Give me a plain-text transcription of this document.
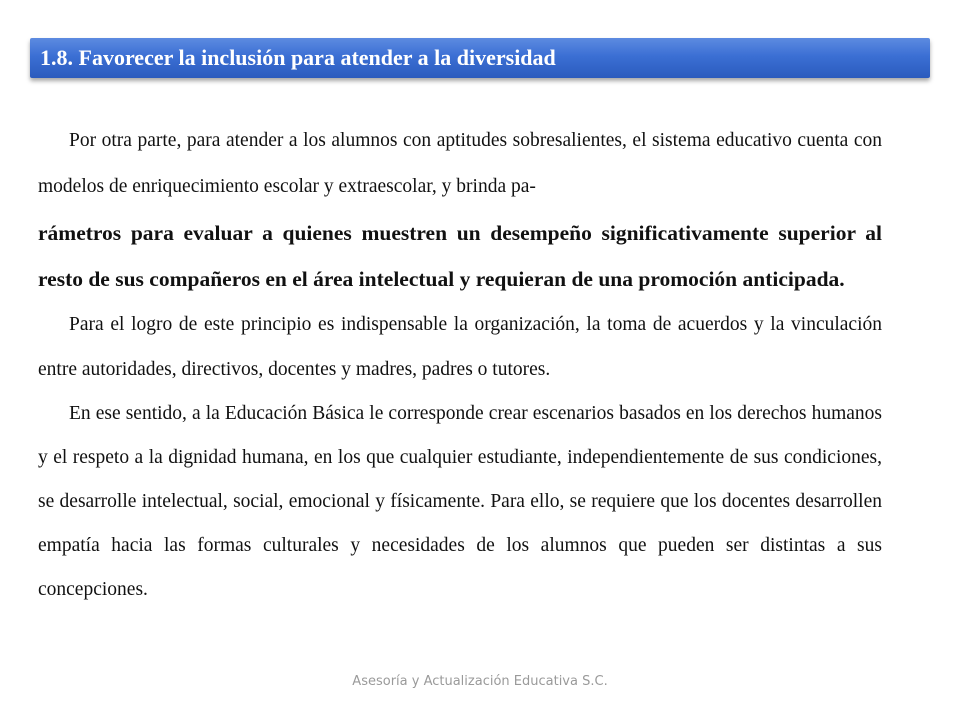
1.8. Favorecer la inclusión para atender a la diversidad

Por otra parte, para atender a los alumnos con aptitudes sobresalientes, el sistema educativo cuenta con modelos de enriquecimiento escolar y extraescolar, y brinda pa-

rámetros para evaluar a quienes muestren un desempeño significativamente superior al resto de sus compañeros en el área intelectual y requieran de una promoción anticipada.

Para el logro de este principio es indispensable la organización, la toma de acuerdos y la vinculación entre autoridades, directivos, docentes y madres, padres o tutores.

En ese sentido, a la Educación Básica le corresponde crear escenarios basados en los derechos humanos y el respeto a la dignidad humana, en los que cualquier estudiante, independientemente de sus condiciones, se desarrolle intelectual, social, emocional y físicamente. Para ello, se requiere que los docentes desarrollen empatía hacia las formas culturales y necesidades de los alumnos que pueden ser distintas a sus concepciones.

Asesoría y Actualización Educativa S.C.
